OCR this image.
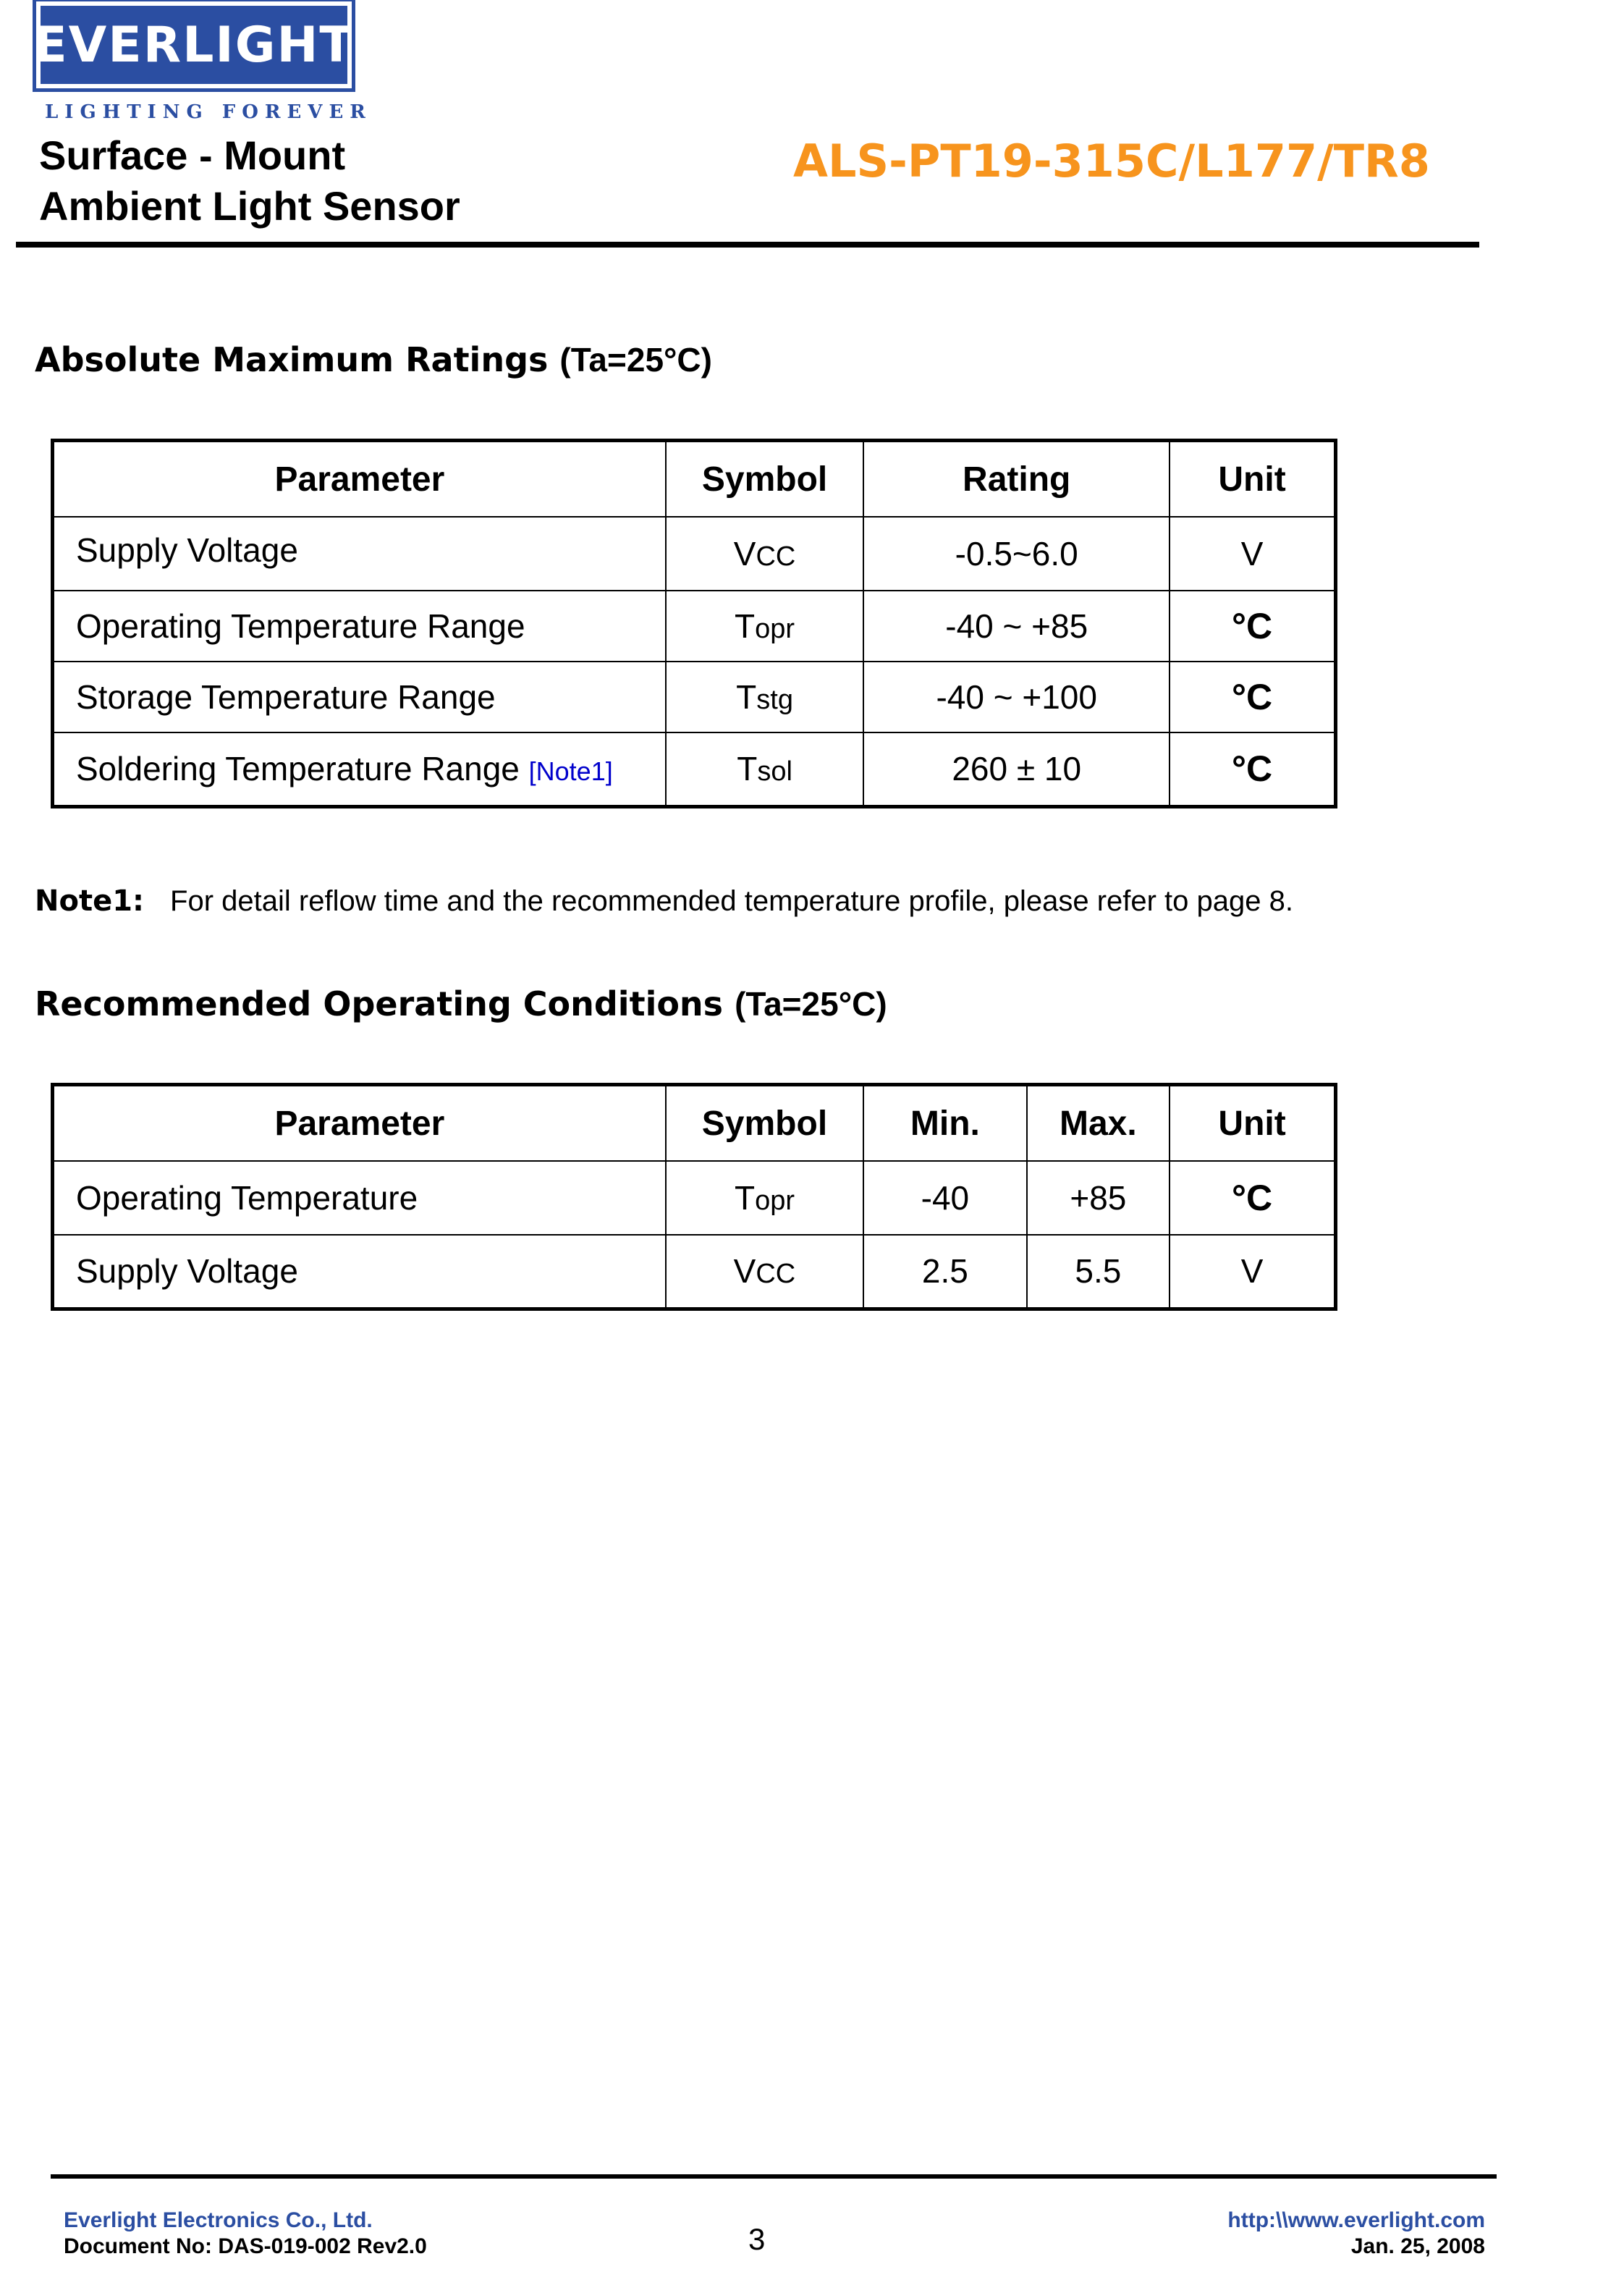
EVERLIGHT
LIGHTING FOREVER
Surface - Mount
Ambient Light Sensor
ALS-PT19-315C/L177/TR8
Absolute Maximum Ratings (Ta=25°C)
Parameter	Symbol	Rating	Unit
Supply Voltage	VCC	-0.5~6.0	V
Operating Temperature Range	Topr	-40 ~ +85	°C
Storage Temperature Range	Tstg	-40 ~ +100	°C
Soldering Temperature Range [Note1]	Tsol	260 ± 10	°C
Note1: For detail reflow time and the recommended temperature profile, please refer to page 8.
Recommended Operating Conditions (Ta=25°C)
Parameter	Symbol	Min.	Max.	Unit
Operating Temperature	Topr	-40	+85	°C
Supply Voltage	VCC	2.5	5.5	V
Everlight Electronics Co., Ltd.
Document No: DAS-019-002 Rev2.0	3
http:\\www.everlight.com
Jan. 25, 2008
